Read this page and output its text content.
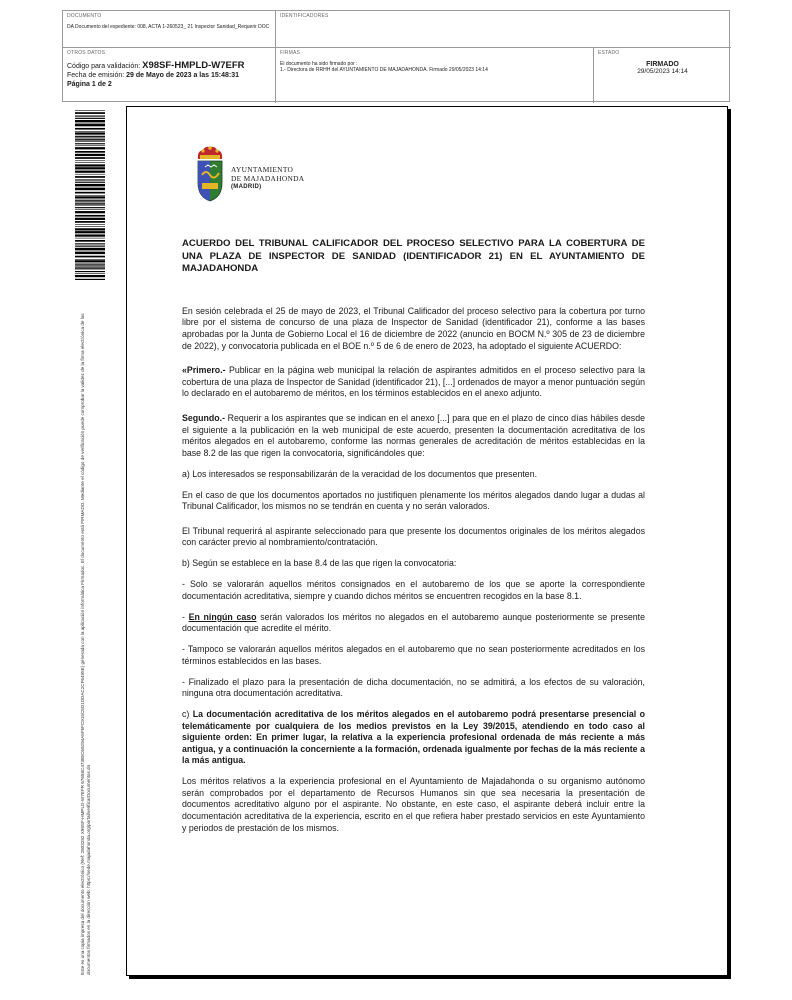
DOCUMENTO
DA Documento del expediente: 008, ACTA 1-260523_ 21 Inspector Sanidad_Requerir DOC
IDENTIFICADORES
OTROS DATOS
Código para validación: X98SF-HMPLD-W7EFR
Fecha de emisión: 29 de Mayo de 2023 a las 15:48:31
Página 1 de 2
FIRMAS
El documento ha sido firmado por :
1.- Directora de RRHH del AYUNTAMIENTO DE MAJADAHONDA. Firmado 29/05/2023 14:14
ESTADO
FIRMADO
29/05/2023 14:14
Este es una copia impresa del documento electrónico (Ref: 2803282 X98SF-HMPLD-W7EFR 67658C47485C69294A5F5FC915C5D1DDAC2CF6495E) generada con la aplicación informática Firmadoc. El documento está FIRMADO. Mediante el código de verificación puede comprobar la validez de la firma electrónica de los documentos firmados en la dirección web: https://sede.majadahonda.org/portal/verificarDocumentos.do
AYUNTAMIENTO
DE MAJADAHONDA
(MADRID)
ACUERDO DEL TRIBUNAL CALIFICADOR DEL PROCESO SELECTIVO PARA LA COBERTURA DE UNA PLAZA DE INSPECTOR DE SANIDAD (IDENTIFICADOR 21) EN EL AYUNTAMIENTO DE MAJADAHONDA

En sesión celebrada el 25 de mayo de 2023, el Tribunal Calificador del proceso selectivo para la cobertura por turno libre por el sistema de concurso de una plaza de Inspector de Sanidad (identificador 21), conforme a las bases aprobadas por la Junta de Gobierno Local el 16 de diciembre de 2022 (anuncio en BOCM N.º 305 de 23 de diciembre de 2022), y convocatoria publicada en el BOE n.º 5 de 6 de enero de 2023, ha adoptado el siguiente ACUERDO:

«Primero.- Publicar en la página web municipal la relación de aspirantes admitidos en el proceso selectivo para la cobertura de una plaza de Inspector de Sanidad (identificador 21), [...] ordenados de mayor a menor puntuación según lo declarado en el autobaremo de méritos, en los términos establecidos en el anexo adjunto.

Segundo.- Requerir a los aspirantes que se indican en el anexo [...] para que en el plazo de cinco días hábiles desde el siguiente a la publicación en la web municipal de este acuerdo, presenten la documentación acreditativa de los méritos alegados en el autobaremo, conforme las normas generales de acreditación de méritos establecidas en la base 8.2 de las que rigen la convocatoria, significándoles que:

a) Los interesados se responsabilizarán de la veracidad de los documentos que presenten.

En el caso de que los documentos aportados no justifiquen plenamente los méritos alegados dando lugar a dudas al Tribunal Calificador, los mismos no se tendrán en cuenta y no serán valorados.

El Tribunal requerirá al aspirante seleccionado para que presente los documentos originales de los méritos alegados con carácter previo al nombramiento/contratación.

b) Según se establece en la base 8.4 de las que rigen la convocatoria:

- Solo se valorarán aquellos méritos consignados en el autobaremo de los que se aporte la correspondiente documentación acreditativa, siempre y cuando dichos méritos se encuentren recogidos en la base 8.1.

- En ningún caso serán valorados los méritos no alegados en el autobaremo aunque posteriormente se presente documentación que acredite el mérito.

- Tampoco se valorarán aquellos méritos alegados en el autobaremo que no sean posteriormente acreditados en los términos establecidos en las bases.

- Finalizado el plazo para la presentación de dicha documentación, no se admitirá, a los efectos de su valoración, ninguna otra documentación acreditativa.

c) La documentación acreditativa de los méritos alegados en el autobaremo podrá presentarse presencial o telemáticamente por cualquiera de los medios previstos en la Ley 39/2015, atendiendo en todo caso al siguiente orden: En primer lugar, la relativa a la experiencia profesional ordenada de más reciente a más antigua, y a continuación la concerniente a la formación, ordenada igualmente por fechas de la más reciente a la más antigua.

Los méritos relativos a la experiencia profesional en el Ayuntamiento de Majadahonda o su organismo autónomo serán comprobados por el departamento de Recursos Humanos sin que sea necesaria la presentación de documentos acreditativo alguno por el aspirante. No obstante, en este caso, el aspirante deberá incluir entre la documentación acreditativa de la experiencia, escrito en el que refiera haber prestado servicios en este Ayuntamiento y periodos de prestación de los mismos.
